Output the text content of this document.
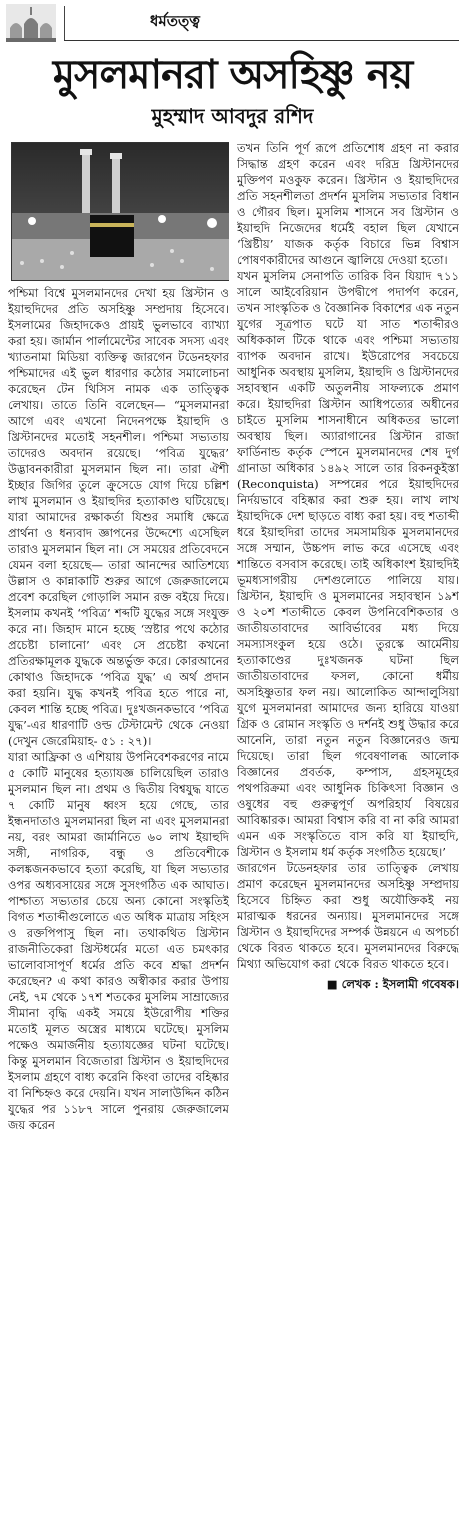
ধর্মতত্ত্ব
মুসলমানরা অসহিষ্ণু নয়
মুহম্মাদ আবদুর রশিদ

পশ্চিমা বিশ্বে মুসলমানদের দেখা হয় খ্রিস্টান ও ইয়াহুদিদের প্রতি অসহিষ্ণু সম্প্রদায় হিসেবে। ইসলামের জিহাদকেও প্রায়ই ভুলভাবে ব্যাখ্যা করা হয়। জার্মান পার্লামেন্টের সাবেক সদস্য এবং খ্যাতনামা মিডিয়া ব্যক্তিত্ব জারগেন টডেনহফার পশ্চিমাদের এই ভুল ধারণার কঠোর সমালোচনা করেছেন টেন থিসিস নামক এক তাত্ত্বিক লেখায়। তাতে তিনি বলেছেন— “মুসলমানরা আগে এবং এখনো নিদেনপক্ষে ইয়াহুদি ও খ্রিস্টানদের মতোই সহনশীল। পশ্চিমা সভ্যতায় তাদেরও অবদান রয়েছে। ‘পবিত্র যুদ্ধের’ উদ্ভাবনকারীরা মুসলমান ছিল না। তারা ঐশী ইচ্ছার জিগির তুলে ক্রুসেডে যোগ দিয়ে চল্লিশ লাখ মুসলমান ও ইয়াহুদির হত্যাকাণ্ড ঘটিয়েছে। যারা আমাদের রক্ষাকর্তা যিশুর সমাধি ক্ষেত্রে প্রার্থনা ও ধন্যবাদ জ্ঞাপনের উদ্দেশ্যে এসেছিল তারাও মুসলমান ছিল না। সে সময়ের প্রতিবেদনে যেমন বলা হয়েছে— তারা আনন্দের আতিশয্যে উল্লাস ও কান্নাকাটি শুরুর আগে জেরুজালেমে প্রবেশ করেছিল গোড়ালি সমান রক্ত বইয়ে দিয়ে। ইসলাম কখনই ‘পবিত্র’ শব্দটি যুদ্ধের সঙ্গে সংযুক্ত করে না। জিহাদ মানে হচ্ছে ‘স্রষ্টার পথে কঠোর প্রচেষ্টা চালানো’ এবং সে প্রচেষ্টা কখনো প্রতিরক্ষামূলক যুদ্ধকে অন্তর্ভুক্ত করে। কোরআনের কোথাও জিহাদকে ‘পবিত্র যুদ্ধ’ এ অর্থ প্রদান করা হয়নি। যুদ্ধ কখনই পবিত্র হতে পারে না, কেবল শান্তি হচ্ছে পবিত্র। দুঃখজনকভাবে ‘পবিত্র যুদ্ধ’-এর ধারণাটি ওল্ড টেস্টামেন্ট থেকে নেওয়া (দেখুন জেরেমিয়াহ- ৫১ : ২৭)।

যারা আফ্রিকা ও এশিয়ায় উপনিবেশকরণের নামে ৫ কোটি মানুষের হত্যাযজ্ঞ চালিয়েছিল তারাও মুসলমান ছিল না। প্রথম ও দ্বিতীয় বিশ্বযুদ্ধ যাতে ৭ কোটি মানুষ ধ্বংস হয়ে গেছে, তার ইন্ধনদাতাও মুসলমানরা ছিল না এবং মুসলমানরা নয়, বরং আমরা জার্মানিতে ৬০ লাখ ইয়াহুদি সঙ্গী, নাগরিক, বন্ধু ও প্রতিবেশীকে কলঙ্কজনকভাবে হত্যা করেছি, যা ছিল সভ্যতার ওপর অধ্যবসায়ের সঙ্গে সুসংগঠিত এক আঘাত। পাশ্চাত্য সভ্যতার চেয়ে অন্য কোনো সংস্কৃতিই বিগত শতাব্দীগুলোতে এত অধিক মাত্রায় সহিংস ও রক্তপিপাসু ছিল না। তথাকথিত খ্রিস্টান রাজনীতিকেরা খ্রিস্টধর্মের মতো এত চমৎকার ভালোবাসাপূর্ণ ধর্মের প্রতি কবে শ্রদ্ধা প্রদর্শন করেছেন? এ কথা কারও অস্বীকার করার উপায় নেই, ৭ম থেকে ১৭শ শতকের মুসলিম সাম্রাজ্যের সীমানা বৃদ্ধি একই সময়ে ইউরোপীয় শক্তির মতোই মূলত অস্ত্রের মাধ্যমে ঘটেছে। মুসলিম পক্ষেও অমার্জনীয় হত্যাযজ্ঞের ঘটনা ঘটেছে। কিন্তু মুসলমান বিজেতারা খ্রিস্টান ও ইয়াহুদিদের ইসলাম গ্রহণে বাধ্য করেনি কিংবা তাদের বহিষ্কার বা নিশ্চিহ্নও করে দেয়নি। যখন সালাউদ্দিন কঠিন যুদ্ধের পর ১১৮৭ সালে পুনরায় জেরুজালেম জয় করেন

তখন তিনি পূর্ণ রূপে প্রতিশোধ গ্রহণ না করার সিদ্ধান্ত গ্রহণ করেন এবং দরিদ্র খ্রিস্টানদের মুক্তিপণ মওকুফ করেন। খ্রিস্টান ও ইয়াহুদিদের প্রতি সহনশীলতা প্রদর্শন মুসলিম সভ্যতার বিধান ও গৌরব ছিল। মুসলিম শাসনে সব খ্রিস্টান ও ইয়াহুদি নিজেদের ধর্মেই বহাল ছিল যেখানে ‘খ্রিষ্টীয়’ যাজক কর্তৃক বিচারে ভিন্ন বিশ্বাস পোষণকারীদের আগুনে জ্বালিয়ে দেওয়া হতো।

যখন মুসলিম সেনাপতি তারিক বিন যিয়াদ ৭১১ সালে আইবেরিয়ান উপদ্বীপে পদার্পণ করেন, তখন সাংস্কৃতিক ও বৈজ্ঞানিক বিকাশের এক নতুন যুগের সূত্রপাত ঘটে যা সাত শতাব্দীরও অধিককাল টিকে থাকে এবং পশ্চিমা সভ্যতায় ব্যাপক অবদান রাখে। ইউরোপের সবচেয়ে আধুনিক অবস্থায় মুসলিম, ইয়াহুদি ও খ্রিস্টানদের সহাবস্থান একটি অতুলনীয় সাফল্যকে প্রমাণ করে। ইয়াহুদিরা খ্রিস্টান আধিপত্যের অধীনের চাইতে মুসলিম শাসনাধীনে অধিকতর ভালো অবস্থায় ছিল। অ্যারাগানের খ্রিস্টান রাজা ফার্ডিনান্ড কর্তৃক স্পেনে মুসলমানদের শেষ দুর্গ গ্রানাডা অধিকার ১৪৯২ সালে তার রিকনকুইস্তা (Reconquista) সম্পন্নের পরে ইয়াহুদিদের নির্দয়ভাবে বহিষ্কার করা শুরু হয়। লাখ লাখ ইয়াহুদিকে দেশ ছাড়তে বাধ্য করা হয়। বহু শতাব্দী ধরে ইয়াহুদিরা তাদের সমসাময়িক মুসলমানদের সঙ্গে সম্মান, উচ্চপদ লাভ করে এসেছে এবং শান্তিতে বসবাস করেছে। তাই অধিকাংশ ইয়াহুদিই ভূমধ্যসাগরীয় দেশগুলোতে পালিয়ে যায়। খ্রিস্টান, ইয়াহুদি ও মুসলমানের সহাবস্থান ১৯শ ও ২০শ শতাব্দীতে কেবল উপনিবেশিকতার ও জাতীয়তাবাদের আবির্ভাবের মধ্য দিয়ে সমস্যাসংকুল হয়ে ওঠে। তুরস্কে আর্মেনীয় হত্যাকাণ্ডের দুঃখজনক ঘটনা ছিল জাতীয়তাবাদের ফসল, কোনো ধর্মীয় অসহিষ্ণুতার ফল নয়। আলোকিত আন্দালুসিয়া যুগে মুসলমানরা আমাদের জন্য হারিয়ে যাওয়া গ্রিক ও রোমান সংস্কৃতি ও দর্শনই শুধু উদ্ধার করে আনেনি, তারা নতুন নতুন বিজ্ঞানেরও জন্ম দিয়েছে। তারা ছিল গবেষণালব্ধ আলোক বিজ্ঞানের প্রবর্তক, কম্পাস, গ্রহসমূহের পথপরিক্রমা এবং আধুনিক চিকিৎসা বিজ্ঞান ও ওষুধের বহু গুরুত্বপূর্ণ অপরিহার্য বিষয়ের আবিষ্কারক। আমরা বিশ্বাস করি বা না করি আমরা এমন এক সংস্কৃতিতে বাস করি যা ইয়াহুদি, খ্রিস্টান ও ইসলাম ধর্ম কর্তৃক সংগঠিত হয়েছে।’

জারগেন টডেনহফার তার তাত্ত্বিক লেখায় প্রমাণ করেছেন মুসলমানদের অসহিষ্ণু সম্প্রদায় হিসেবে চিহ্নিত করা শুধু অযৌক্তিকই নয় মারাত্মক ধরনের অন্যায়। মুসলমানদের সঙ্গে খ্রিস্টান ও ইয়াহুদিদের সম্পর্ক উন্নয়নে এ অপচর্চা থেকে বিরত থাকতে হবে। মুসলমানদের বিরুদ্ধে মিথ্যা অভিযোগ করা থেকে বিরত থাকতে হবে।

■ লেখক : ইসলামী গবেষক।
